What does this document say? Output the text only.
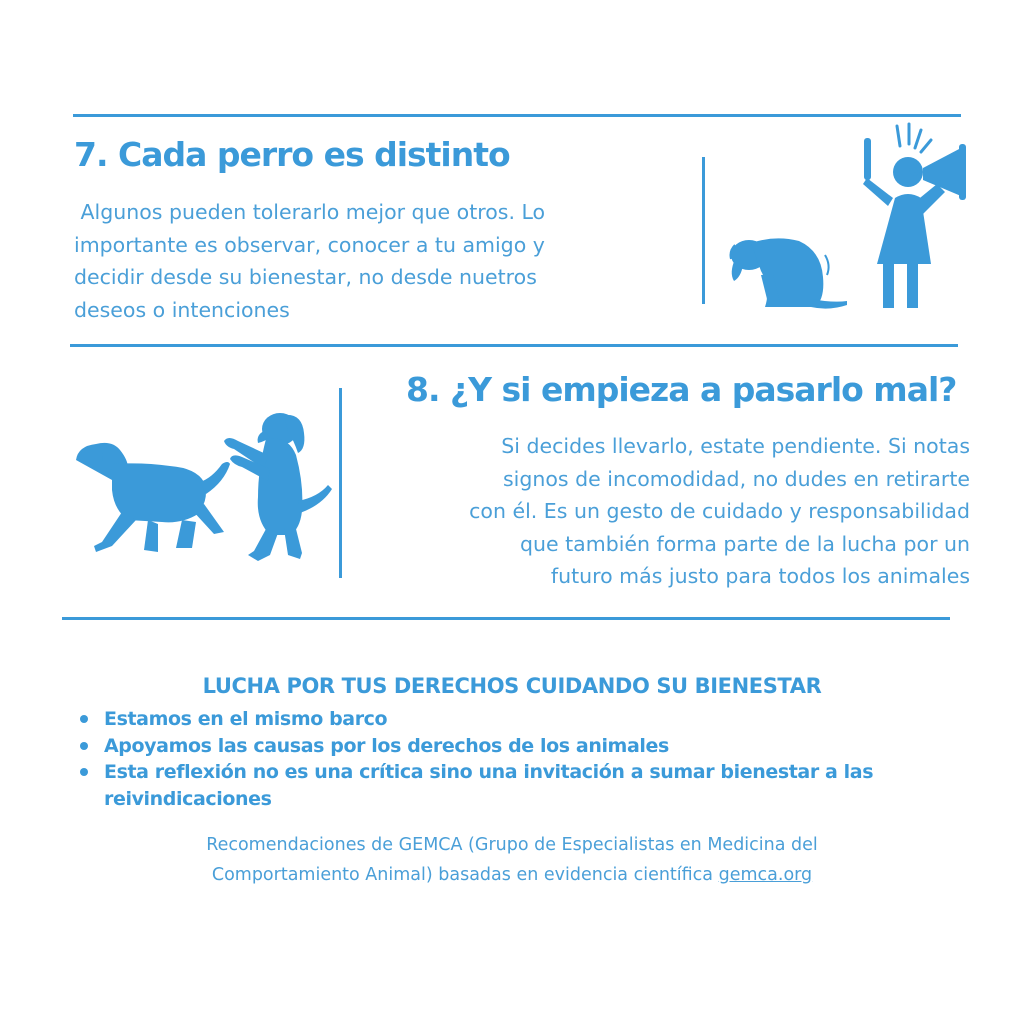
7. Cada perro es distinto

Algunos pueden tolerarlo mejor que otros. Lo
importante es observar, conocer a tu amigo y
decidir desde su bienestar, no desde nuetros
deseos o intenciones

8. ¿Y si empieza a pasarlo mal?

Si decides llevarlo, estate pendiente. Si notas
signos de incomodidad, no dudes en retirarte
con él. Es un gesto de cuidado y responsabilidad
que también forma parte de la lucha por un
futuro más justo para todos los animales

LUCHA POR TUS DERECHOS CUIDANDO SU BIENESTAR
Estamos en el mismo barco
Apoyamos las causas por los derechos de los animales
Esta reflexión no es una crítica sino una invitación a sumar bienestar a las reivindicaciones

Recomendaciones de GEMCA (Grupo de Especialistas en Medicina del
Comportamiento Animal) basadas en evidencia científica gemca.org
